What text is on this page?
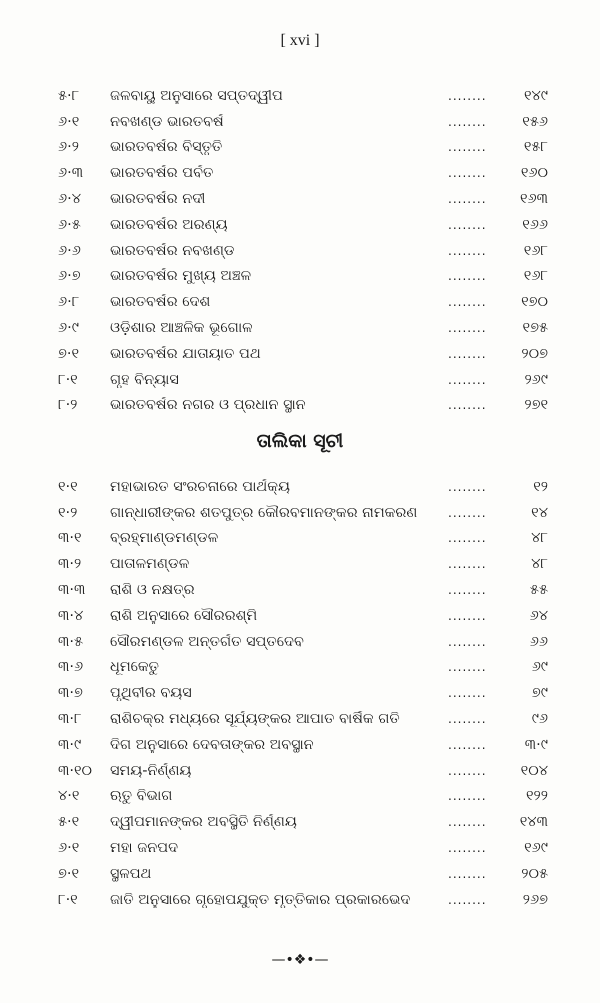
[ xvi ]
୫·୮	ଜଳବାୟୁ ଅନୁସାରେ ସପ୍ତଦ୍ୱୀପ	........	୧୪୯
୬·୧	ନବଖଣ୍ଡ ଭାରତବର୍ଷ	........	୧୫୬
୬·୨	ଭାରତବର୍ଷର ବିସ୍ତୃତି	........	୧୫୮
୬·୩	ଭାରତବର୍ଷର ପର୍ବତ	........	୧୬୦
୬·୪	ଭାରତବର୍ଷର ନଦୀ	........	୧୬୩
୬·୫	ଭାରତବର୍ଷର ଅରଣ୍ୟ	........	୧୬୬
୬·୬	ଭାରତବର୍ଷର ନବଖଣ୍ଡ	........	୧୬୮
୬·୭	ଭାରତବର୍ଷର ମୁଖ୍ୟ ଅଞ୍ଚଳ	........	୧୬୮
୬·୮	ଭାରତବର୍ଷର ଦେଶ	........	୧୭୦
୬·୯	ଓଡ଼ିଶାର ଆଞ୍ଚଳିକ ଭୂଗୋଳ	........	୧୭୫
୭·୧	ଭାରତବର୍ଷର ଯାତାୟାତ ପଥ	........	୨୦୭
୮·୧	ଗୃହ ବିନ୍ୟାସ	........	୨୬୯
୮·୨	ଭାରତବର୍ଷର ନଗର ଓ ପ୍ରଧାନ ସ୍ଥାନ	........	୨୭୧
ତାଲିକା ସୂଚୀ
୧·୧	ମହାଭାରତ ସଂରଚନାରେ ପାର୍ଥକ୍ୟ	........	୧୨
୧·୨	ଗାନ୍ଧାରୀଙ୍କର ଶତପୁତ୍ର କୌରବମାନଙ୍କର ନାମକରଣ	........	୧୪
୩·୧	ବ୍ରହ୍ମାଣ୍ଡମଣ୍ଡଳ	........	୪୮
୩·୨	ପାତାଳମଣ୍ଡଳ	........	୪୮
୩·୩	ରାଶି ଓ ନକ୍ଷତ୍ର	........	୫୫
୩·୪	ରାଶି ଅନୁସାରେ ସୌରରଶ୍ମି	........	୬୪
୩·୫	ସୌରମଣ୍ଡଳ ଅନ୍ତର୍ଗତ ସପ୍ତଦେବ	........	୬୬
୩·୬	ଧୂମକେତୁ	........	୬୯
୩·୭	ପୃଥିବୀର ବୟସ	........	୭୯
୩·୮	ରାଶିଚକ୍ର ମଧ୍ୟରେ ସୂର୍ଯ୍ୟଙ୍କର ଆପାତ ବାର୍ଷିକ ଗତି	........	୯୬
୩·୯	ଦିଗ ଅନୁସାରେ ଦେବତାଙ୍କର ଅବସ୍ଥାନ	........	୩·୯
୩·୧୦	ସମୟ-ନିର୍ଣ୍ଣୟ	........	୧୦୪
୪·୧	ଋତୁ ବିଭାଗ	........	୧୨୨
୫·୧	ଦ୍ୱୀପମାନଙ୍କର ଅବସ୍ଥିତି ନିର୍ଣ୍ଣୟ	........	୧୪୩
୬·୧	ମହା ଜନପଦ	........	୧୬୯
୭·୧	ସ୍ଥଳପଥ	........	୨୦୫
୮·୧	ଜାତି ଅନୁସାରେ ଗୃହୋପଯୁକ୍ତ ମୃତ୍ତିକାର ପ୍ରକାରଭେଦ	........	୨୬୭
—•❖•—
